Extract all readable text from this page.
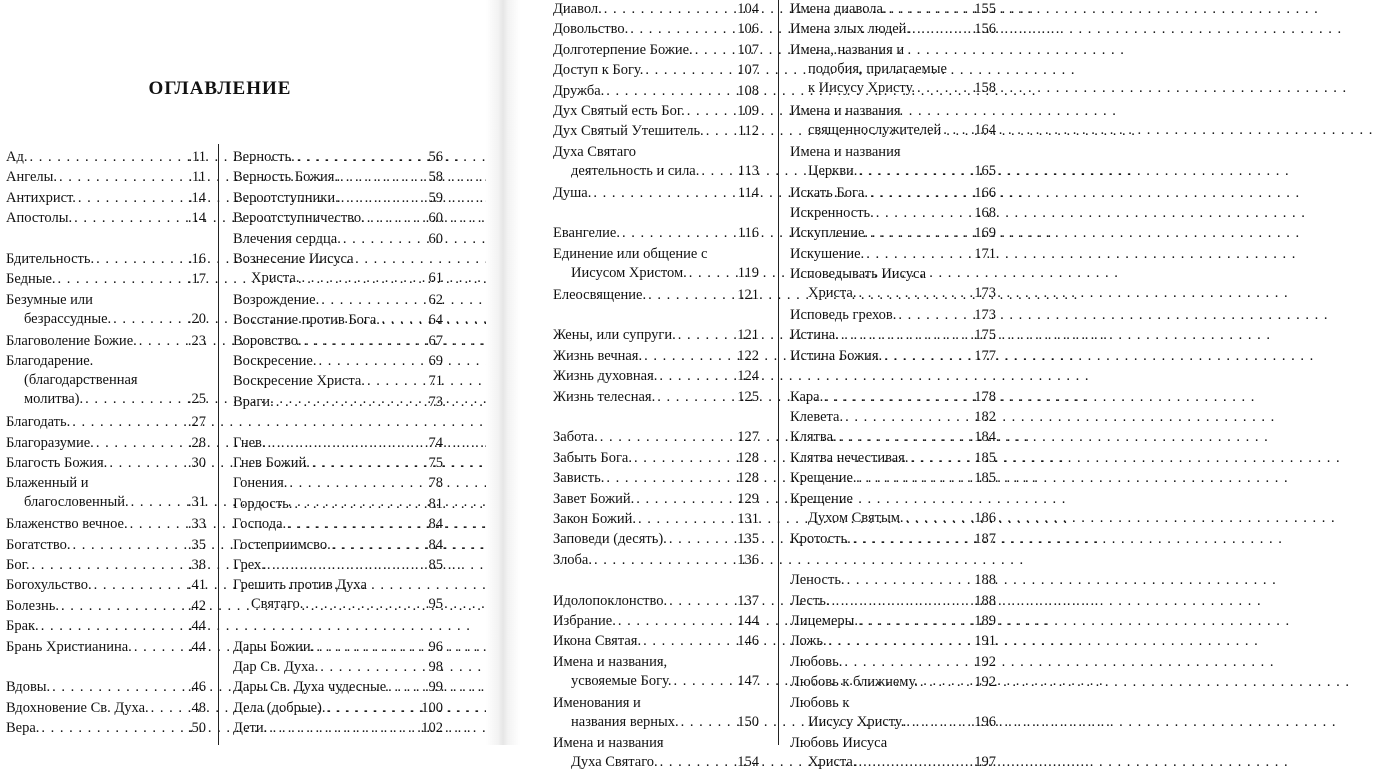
ОГЛАВЛЕНИЕ
Ад. . . .	.11
Ангелы. . . .	.11
Антихрист. . . .	.14
Апостолы. . . .	.14
Бдительность. . . .	.16
Бедные. . . .	.17
Безумные или
безрассудные. . . .	.20
Благоволение Божие. . . .	.23
Благодарение.
(благодарственная
молитва). . . .	.25
Благодать. . . .	.27
Благоразумие. . . .	.28
Благость Божия. . . .	.30
Блаженный и
благословенный. . . .	.31
Блаженство вечное. . . .	.33
Богатство. . . .	.35
Бог. . . .	.38
Богохульство. . . .	.41
Болезнь. . . .	.42
Брак. . . .	.44
Брань Христианина. . . .	.44
Вдовы. . . .	.46
Вдохновение Св. Духа. . . .	48
Вера. . . .	.50
Верность. . . .	56
Верность Божия. . . .	58
Вероотступники. . . .	59
Вероотступничество. . . .	60
Влечения сердца. . . .	60
Вознесение Иисуса
Христа. . . .	61
Возрождение. . . .	62
Восстание против Бога. . . .	64
Воровство. . . .	67
Воскресение. . . .	69
Воскресение Христа. . . .	71
Враги. . . .	73
Гнев. . . .	74
Гнев Божий. . . .	75
Гонения. . . .	78
Гордость. . . .	81
Господа. . . .	84
Гостеприимсво. . . .	84
Грех. . . .	85
Грешить против Духа
Святаго. . . .	95
Дары Божии. . . .	96
Дар Св. Духа. . . .	98
Дары Св. Духа чудесные . . .	99
Дела (добрые). . . .	100
Дети. . . .	102
Диавол. . . .	104
Довольство. . . .	106
Долготерпение Божие. . . .	107
Доступ к Богу. . . .	107
Дружба. . . .	108
Дух Святый есть Бог. . . .	109
Дух Святый Утешитель. . . . 112
Духа Святаго
деятельность и сила. . . .	113
Душа. . . .	114
Евангелие. . . .	116
Единение или общение с
Иисусом Христом. . . .	119
Елеосвящение. . . .	121
Жены, или супруги. . . .	121
Жизнь вечная. . . .	122
Жизнь духовная. . . .	124
Жизнь телесная. . . .	125
Забота. . . .	127
Забыть Бога. . . .	128
Зависть. . . .	128
Завет Божий. . . .	129
Закон Божий. . . .	131
Заповеди (десять). . . .	135
Злоба. . . .	136
Идолопоклонство. . . .	137
Избрание. . . .	144
Икона Святая. . . .	146
Имена и названия,
усвояемые Богу. . . .	147
Именования и
названия верных. . . .	150
Имена и названия
Духа Святаго. . . .	154
Имена диавола. . . .	155
Имена злых людей. . . .	156
Имена, названия и
подобия, прилагаемые
к Иисусу Христу. . . .	158
Имена и названия
священнослужителей . . . 164
Имена и названия
Церкви. . . .	165
Искать Бога. . . .	166
Искренность. . . .	168
Искупление. . . .	169
Искушение. . . .	171
Исповедывать Иисуса
Христа. . . .	173
Исповедь грехов. . . .	173
Истина. . . .	175
Истина Божия. . . .	177
Кара. . . .	178
Клевета. . . .	182
Клятва. . . .	184
Клятва нечестивая. . . .	185
Крещение. . . .	185
Крещение
Духом Святым. . . .	186
Кротость. . . .	187
Леность. . . .	188
Лесть. . . .	188
Лицемеры. . . .	189
Ложь. . . .	191
Любовь. . . .	192
Любовь к ближнему. . . .	192
Любовь к
Иисусу Христу. . . .	196
Любовь Иисуса
Христа. . . .	197
